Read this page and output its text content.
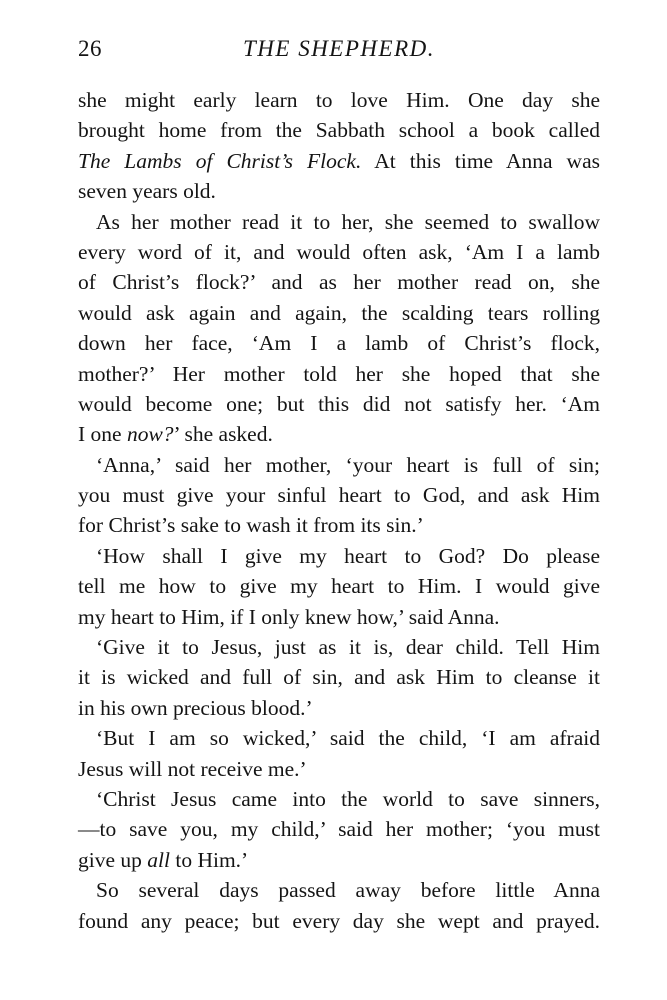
26	THE SHEPHERD.
she might early learn to love Him. One day she
brought home from the Sabbath school a book called
The Lambs of Christ’s Flock. At this time Anna was
seven years old.
As her mother read it to her, she seemed to swallow
every word of it, and would often ask, ‘Am I a lamb
of Christ’s flock?’ and as her mother read on, she
would ask again and again, the scalding tears rolling
down her face, ‘Am I a lamb of Christ’s flock,
mother?’ Her mother told her she hoped that she
would become one; but this did not satisfy her. ‘Am
I one now?’ she asked.
‘Anna,’ said her mother, ‘your heart is full of sin;
you must give your sinful heart to God, and ask Him
for Christ’s sake to wash it from its sin.’
‘How shall I give my heart to God? Do please
tell me how to give my heart to Him. I would give
my heart to Him, if I only knew how,’ said Anna.
‘Give it to Jesus, just as it is, dear child. Tell Him
it is wicked and full of sin, and ask Him to cleanse it
in his own precious blood.’
‘But I am so wicked,’ said the child, ‘I am afraid
Jesus will not receive me.’
‘Christ Jesus came into the world to save sinners,
—to save you, my child,’ said her mother; ‘you must
give up all to Him.’
So several days passed away before little Anna
found any peace; but every day she wept and prayed.
